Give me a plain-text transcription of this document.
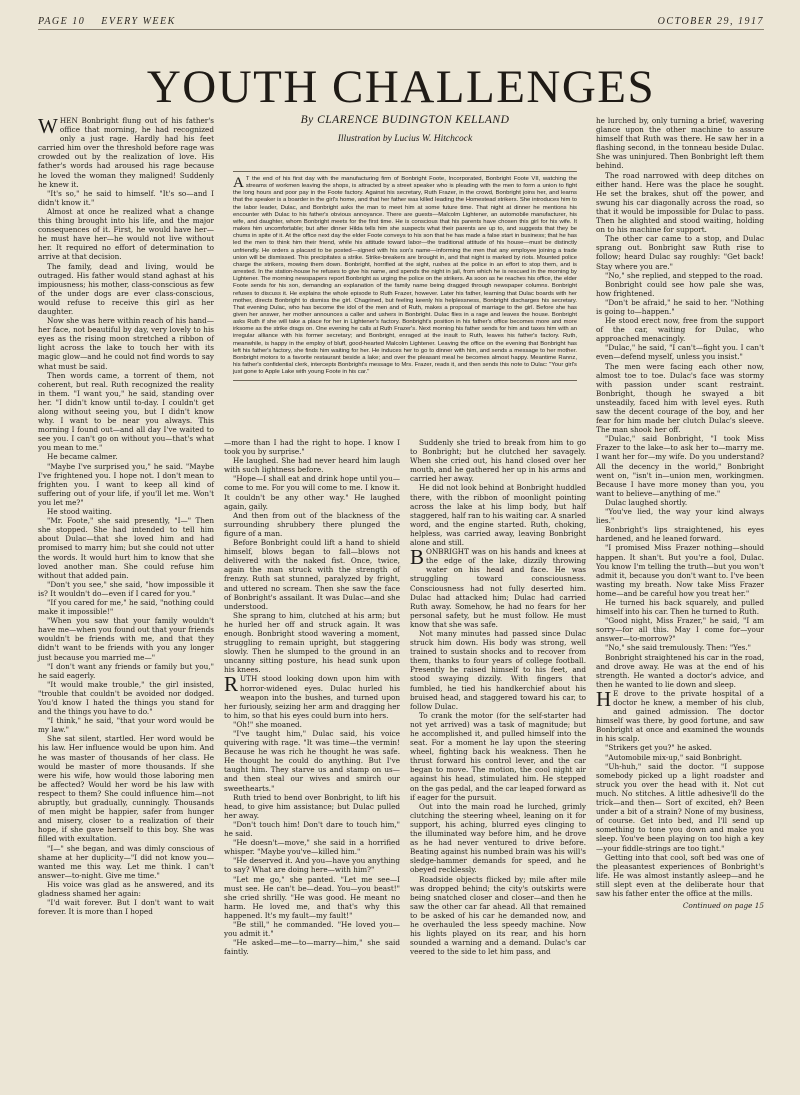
PAGE 10 EVERY WEEK	OCTOBER 29, 1917
YOUTH CHALLENGES

WHEN Bonbright flung out of his father's office that morning, he had recognized only a just rage. Hardly had his feet carried him over the threshold before rage was crowded out by the realization of love. His father's words had aroused his rage because he loved the woman they maligned! Suddenly he knew it.

"It's so," he said to himself. "It's so—and I didn't know it."

Almost at once he realized what a change this thing brought into his life, and the major consequences of it. First, he would have her—he must have her—he would not live without her. It required no effort of determination to arrive at that decision.

The family, dead and living, would be outraged. His father would stand aghast at his impiousness; his mother, class-conscious as few of the under dogs are ever class-conscious, would refuse to receive this girl as her daughter.

Now she was here within reach of his hand—her face, not beautiful by day, very lovely to his eyes as the rising moon stretched a ribbon of light across the lake to touch her with its magic glow—and he could not find words to say what must be said.

Then words came, a torrent of them, not coherent, but real. Ruth recognized the reality in them. "I want you," he said, standing over her. "I didn't know until to-day. I couldn't get along without seeing you, but I didn't know why. I want to be near you always. This morning I found out—and all day I've waited to see you. I can't go on without you—that's what you mean to me."

He became calmer.

"Maybe I've surprised you," he said. "Maybe I've frightened you. I hope not. I don't mean to frighten you. I want to keep all kind of suffering out of your life, if you'll let me. Won't you let me?"

He stood waiting.

"Mr. Foote," she said presently, "I—" Then she stopped. She had intended to tell him about Dulac—that she loved him and had promised to marry him; but she could not utter the words. It would hurt him to know that she loved another man. She could refuse him without that added pain.

"Don't you see," she said, "how impossible it is? It wouldn't do—even if I cared for you."

"If you cared for me," he said, "nothing could make it impossible!"

"When you saw that your family wouldn't have me—when you found out that your friends wouldn't be friends with me, and that they didn't want to be friends with you any longer just because you married me—"

"I don't want any friends or family but you," he said eagerly.

"It would make trouble," the girl insisted, "trouble that couldn't be avoided nor dodged. You'd know I hated the things you stand for and the things you have to do."

"I think," he said, "that your word would be my law."

She sat silent, startled. Her word would be his law. Her influence would be upon him. And he was master of thousands of her class. He would be master of more thousands. If she were his wife, how would those laboring men be affected? Would her word be his law with respect to them? She could influence him—not abruptly, but gradually, cunningly. Thousands of men might be happier, safer from hunger and misery, closer to a realization of their hope, if she gave herself to this boy. She was filled with exultation.

"I—" she began, and was dimly conscious of shame at her duplicity—"I did not know you—wanted me this way. Let me think. I can't answer—to-night. Give me time."

His voice was glad as he answered, and its gladness shamed her again:

"I'd wait forever. But I don't want to wait forever. It is more than I hoped

By CLARENCE BUDINGTON KELLAND
Illustration by Lucius W. Hitchcock
A T the end of his first day with the manufacturing firm of Bonbright Foote, Incorporated, Bonbright Foote VII, watching the streams of workmen leaving the shops, is attracted by a street speaker who is pleading with the men to form a union to fight the long hours and poor pay in the Foote factory. Against his secretary, Ruth Frazer, in the crowd, Bonbright joins her, and learns that the speaker is a boarder in the girl's home, and that her father was killed leading the Homestead strikers. She introduces him to the labor leader, Dulac, and Bonbright asks the man to meet him at some future time. That night at dinner he mentions his encounter with Dulac to his father's obvious annoyance. There are guests—Malcolm Lightener, an automobile manufacturer, his wife, and daughter, whom Bonbright meets for the first time. He is conscious that his parents have chosen this girl for his wife. It makes him uncomfortable; but after dinner Hilda tells him she suspects what their parents are up to, and suggests that they be chums in spite of it. At the office next day the elder Foote conveys to his son that he has made a false start in business; that he has led the men to think him their friend, while his attitude toward labor—the traditional attitude of his house—must be distinctly unfriendly. He orders a placard to be posted—signed with his son's name—informing the men that any employee joining a trade union will be dismissed. This precipitates a strike. Strike-breakers are brought in, and that night is marked by riots. Mounted police charge the strikers, mowing them down. Bonbright, horrified at the sight, rushes at the police in an effort to stop them, and is arrested. In the station-house he refuses to give his name, and spends the night in jail, from which he is rescued in the morning by Lightener. The morning newspapers report Bonbright as urging the police on the strikers. As soon as he reaches his office, the elder Foote sends for his son, demanding an explanation of the family name being dragged through newspaper columns. Bonbright refuses to discuss it. He explains the whole episode to Ruth Frazer, however. Later his father, learning that Dulac boards with her mother, directs Bonbright to dismiss the girl. Chagrined, but feeling keenly his helplessness, Bonbright discharges his secretary. That evening Dulac, who has become the idol of the men and of Ruth, makes a proposal of marriage to the girl. Before she has given her answer, her mother announces a caller and ushers in Bonbright. Dulac flies in a rage and leaves the house. Bonbright asks Ruth if she will take a place for her in Lightener's factory. Bonbright's position in his father's office becomes more and more irksome as the strike drags on. One evening he calls at Ruth Frazer's. Next morning his father sends for him and taxes him with an irregular alliance with his former secretary; and Bonbright, enraged at the insult to Ruth, leaves his father's factory. Ruth, meanwhile, is happy in the employ of bluff, good-hearted Malcolm Lightener. Leaving the office on the evening that Bonbright has left his father's factory, she finds him waiting for her. He induces her to go to dinner with him, and sends a message to her mother. Bonbright motors to a favorite restaurant beside a lake; and over the pleasant meal he becomes almost happy. Meantime Rannz, his father's confidential clerk, intercepts Bonbright's message to Mrs. Frazer, reads it, and then sends this note to Dulac: "Your girl's just gone to Apple Lake with young Foote in his car."

—more than I had the right to hope. I know I took you by surprise."

He laughed. She had never heard him laugh with such lightness before.

"Hope—I shall eat and drink hope until you—come to me. For you will come to me. I know it. It couldn't be any other way." He laughed again, gaily.

And then from out of the blackness of the surrounding shrubbery there plunged the figure of a man.

Before Bonbright could lift a hand to shield himself, blows began to fall—blows not delivered with the naked fist. Once, twice, again the man struck with the strength of frenzy. Ruth sat stunned, paralyzed by fright, and uttered no scream. Then she saw the face of Bonbright's assailant. It was Dulac—and she understood.

She sprang to him, clutched at his arm; but he hurled her off and struck again. It was enough. Bonbright stood wavering a moment, struggling to remain upright, but staggering slowly. Then he slumped to the ground in an uncanny sitting posture, his head sunk upon his knees.

RUTH stood looking down upon him with horror-widened eyes. Dulac hurled his weapon into the bushes, and turned upon her furiously, seizing her arm and dragging her to him, so that his eyes could burn into hers.

"Oh!" she moaned.

"I've taught him," Dulac said, his voice quivering with rage. "It was time—the vermin! Because he was rich he thought he was safe. He thought he could do anything. But I've taught him. They starve us and stamp on us—and then steal our wives and smirch our sweethearts."

Ruth tried to bend over Bonbright, to lift his head, to give him assistance; but Dulac pulled her away.

"Don't touch him! Don't dare to touch him," he said.

"He doesn't—move," she said in a horrified whisper. "Maybe you've—killed him."

"He deserved it. And you—have you anything to say? What are doing here—with him?"

"Let me go," she panted. "Let me see—I must see. He can't be—dead. You—you beast!" she cried shrilly. "He was good. He meant no harm. He loved me, and that's why this happened. It's my fault—my fault!"

"Be still," he commanded. "He loved you—you admit it."

"He asked—me—to—marry—him," she said faintly.

Suddenly she tried to break from him to go to Bonbright; but he clutched her savagely. When she cried out, his hand closed over her mouth, and he gathered her up in his arms and carried her away.

He did not look behind at Bonbright huddled there, with the ribbon of moonlight pointing across the lake at his limp body, but half staggered, half ran to his waiting car. A snarled word, and the engine started. Ruth, choking, helpless, was carried away, leaving Bonbright alone and still.

BONBRIGHT was on his hands and knees at the edge of the lake, dizzily throwing water on his head and face. He was struggling toward consciousness. Consciousness had not fully deserted him. Dulac had attacked him; Dulac had carried Ruth away. Somehow, he had no fears for her personal safety, but he must follow. He must know that she was safe.

Not many minutes had passed since Dulac struck him down. His body was strong, well trained to sustain shocks and to recover from them, thanks to four years of college football. Presently he raised himself to his feet, and stood swaying dizzily. With fingers that fumbled, he tied his handkerchief about his bruised head, and staggered toward his car, to follow Dulac.

To crank the motor (for the self-starter had not yet arrived) was a task of magnitude; but he accomplished it, and pulled himself into the seat. For a moment he lay upon the steering wheel, fighting back his weakness. Then he thrust forward his control lever, and the car began to move. The motion, the cool night air against his head, stimulated him. He stepped on the gas pedal, and the car leaped forward as if eager for the pursuit.

Out into the main road he lurched, grimly clutching the steering wheel, leaning on it for support, his aching, blurred eyes clinging to the illuminated way before him, and he drove as he had never ventured to drive before. Beating against his numbed brain was his will's sledge-hammer demands for speed, and he obeyed recklessly.

Roadside objects flicked by; mile after mile was dropped behind; the city's outskirts were being snatched closer and closer—and then he saw the other car far ahead. All that remained to be asked of his car he demanded now, and he overhauled the less speedy machine. Now his lights played on its rear, and his horn sounded a warning and a demand. Dulac's car veered to the side to let him pass, and

he lurched by, only turning a brief, wavering glance upon the other machine to assure himself that Ruth was there. He saw her in a flashing second, in the tonneau beside Dulac. She was uninjured. Then Bonbright left them behind.

The road narrowed with deep ditches on either hand. Here was the place he sought. He set the brakes, shut off the power, and swung his car diagonally across the road, so that it would be impossible for Dulac to pass. Then he alighted and stood waiting, holding on to his machine for support.

The other car came to a stop, and Dulac sprang out. Bonbright saw Ruth rise to follow; heard Dulac say roughly: "Get back! Stay where you are."

"No," she replied, and stepped to the road.

Bonbright could see how pale she was, how frightened.

"Don't be afraid," he said to her. "Nothing is going to—happen."

He stood erect now, free from the support of the car, waiting for Dulac, who approached menacingly.

"Dulac," he said, "I can't—fight you. I can't even—defend myself, unless you insist."

The men were facing each other now, almost toe to toe. Dulac's face was stormy with passion under scant restraint. Bonbright, though he swayed a bit unsteadily, faced him with level eyes. Ruth saw the decent courage of the boy, and her fear for him made her clutch Dulac's sleeve. The man shook her off.

"Dulac," said Bonbright, "I took Miss Frazer to the lake—to ask her to—marry me. I want her for—my wife. Do you understand? All the decency in the world," Bonbright went on, "isn't in—union men, workingmen. Because I have more money than you, you want to believe—anything of me."

Dulac laughed shortly.

"You've lied, the way your kind always lies."

Bonbright's lips straightened, his eyes hardened, and he leaned forward.

"I promised Miss Frazer nothing—should happen. It shan't. But you're a fool, Dulac. You know I'm telling the truth—but you won't admit it, because you don't want to. I've been wasting my breath. Now take Miss Frazer home—and be careful how you treat her."

He turned his back squarely, and pulled himself into his car. Then he turned to Ruth.

"Good night, Miss Frazer," he said, "I am sorry—for all this. May I come for—your answer—to-morrow?"

"No," she said tremulously. Then: "Yes."

Bonbright straightened his car in the road, and drove away. He was at the end of his strength. He wanted a doctor's advice, and then he wanted to lie down and sleep.

H E drove to the private hospital of a doctor he knew, a member of his club, and gained admission. The doctor himself was there, by good fortune, and saw Bonbright at once and examined the wounds in his scalp.

"Strikers get you?" he asked.

"Automobile mix-up," said Bonbright.

"Uh-huh," said the doctor. "I suppose somebody picked up a light roadster and struck you over the head with it. Not cut much. No stitches. A little adhesive'll do the trick—and then— Sort of excited, eh? Been under a bit of a strain? None of my business, of course. Get into bed, and I'll send up something to tone you down and make you sleep. You've been playing on too high a key—your fiddle-strings are too tight."

Getting into that cool, soft bed was one of the pleasantest experiences of Bonbright's life. He was almost instantly asleep—and he still slept even at the deliberate hour that saw his father enter the office at the mills.

Continued on page 15
